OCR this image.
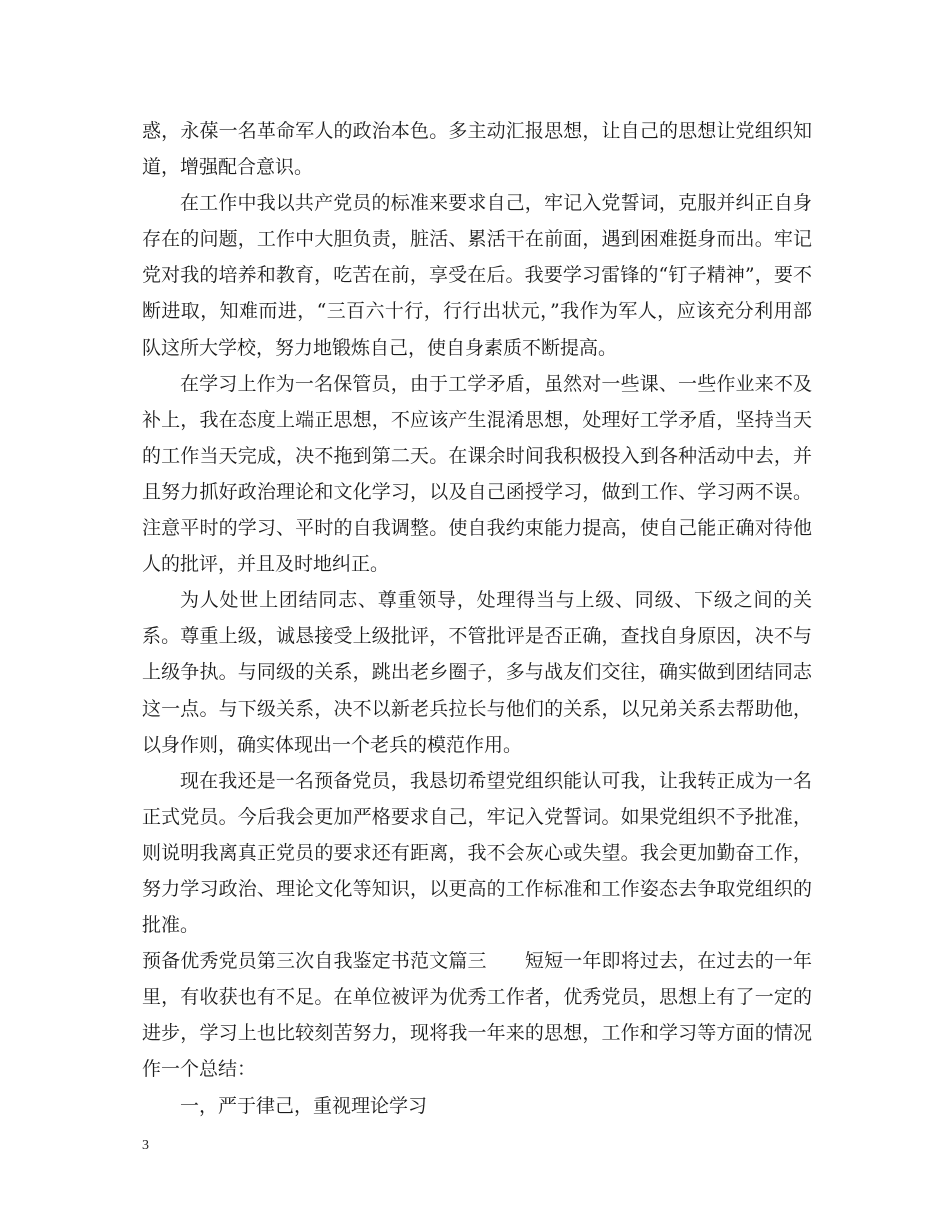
惑，永葆一名革命军人的政治本色。多主动汇报思想，让自己的思想让党组织知道，增强配合意识。

在工作中我以共产党员的标准来要求自己，牢记入党誓词，克服并纠正自身存在的问题，工作中大胆负责，脏活、累活干在前面，遇到困难挺身而出。牢记党对我的培养和教育，吃苦在前，享受在后。我要学习雷锋的“钉子精神”，要不断进取，知难而进，“三百六十行，行行出状元，”我作为军人，应该充分利用部队这所大学校，努力地锻炼自己，使自身素质不断提高。

在学习上作为一名保管员，由于工学矛盾，虽然对一些课、一些作业来不及补上，我在态度上端正思想，不应该产生混淆思想，处理好工学矛盾，坚持当天的工作当天完成，决不拖到第二天。在课余时间我积极投入到各种活动中去，并且努力抓好政治理论和文化学习，以及自己函授学习，做到工作、学习两不误。注意平时的学习、平时的自我调整。使自我约束能力提高，使自己能正确对待他人的批评，并且及时地纠正。

为人处世上团结同志、尊重领导，处理得当与上级、同级、下级之间的关系。尊重上级，诚恳接受上级批评，不管批评是否正确，查找自身原因，决不与上级争执。与同级的关系，跳出老乡圈子，多与战友们交往，确实做到团结同志这一点。与下级关系，决不以新老兵拉长与他们的关系，以兄弟关系去帮助他，以身作则，确实体现出一个老兵的模范作用。

现在我还是一名预备党员，我恳切希望党组织能认可我，让我转正成为一名正式党员。今后我会更加严格要求自己，牢记入党誓词。如果党组织不予批准，则说明我离真正党员的要求还有距离，我不会灰心或失望。我会更加勤奋工作，努力学习政治、理论文化等知识，以更高的工作标准和工作姿态去争取党组织的批准。

预备优秀党员第三次自我鉴定书范文篇三　　短短一年即将过去，在过去的一年里，有收获也有不足。在单位被评为优秀工作者，优秀党员，思想上有了一定的进步，学习上也比较刻苦努力，现将我一年来的思想，工作和学习等方面的情况作一个总结：

一，严于律己，重视理论学习

3
